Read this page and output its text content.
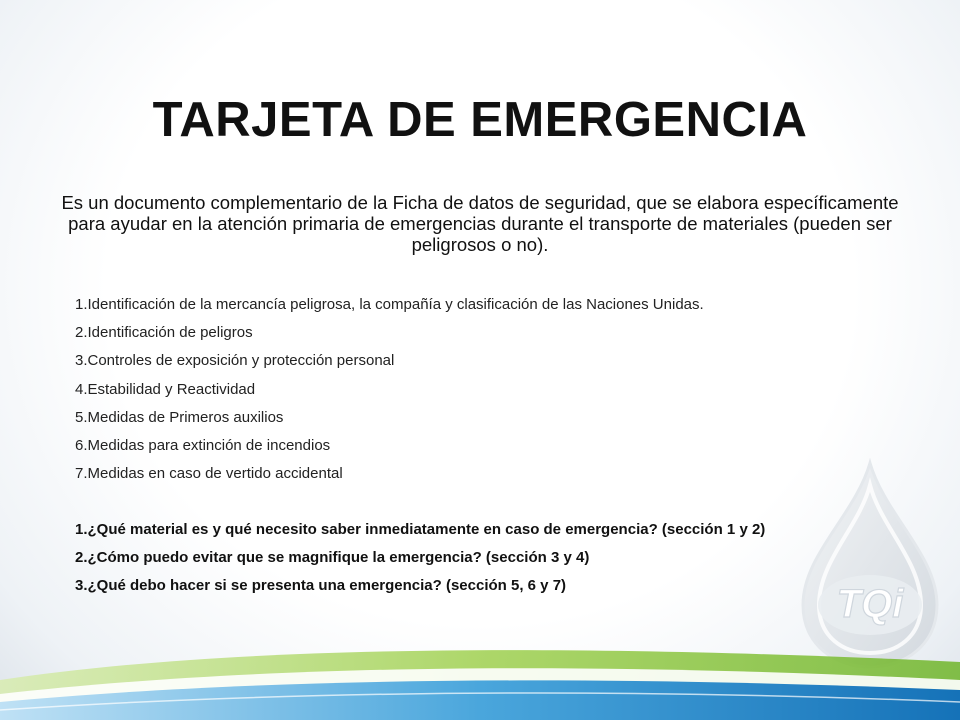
TQi
TARJETA DE EMERGENCIA
Es un documento complementario de la Ficha de datos de seguridad, que se elabora específicamente para ayudar en la atención primaria de emergencias durante el transporte de materiales (pueden ser peligrosos o no).
1.Identificación de la mercancía peligrosa, la compañía y clasificación de las Naciones Unidas.
2.Identificación de peligros
3.Controles de exposición y protección personal
4.Estabilidad y Reactividad
5.Medidas de Primeros auxilios
6.Medidas para extinción de incendios
7.Medidas en caso de vertido accidental
1.¿Qué material es y qué necesito saber inmediatamente en caso de emergencia? (sección 1 y 2)
2.¿Cómo puedo evitar que se magnifique la emergencia? (sección 3 y 4)
3.¿Qué debo hacer si se presenta una emergencia? (sección 5, 6 y 7)
